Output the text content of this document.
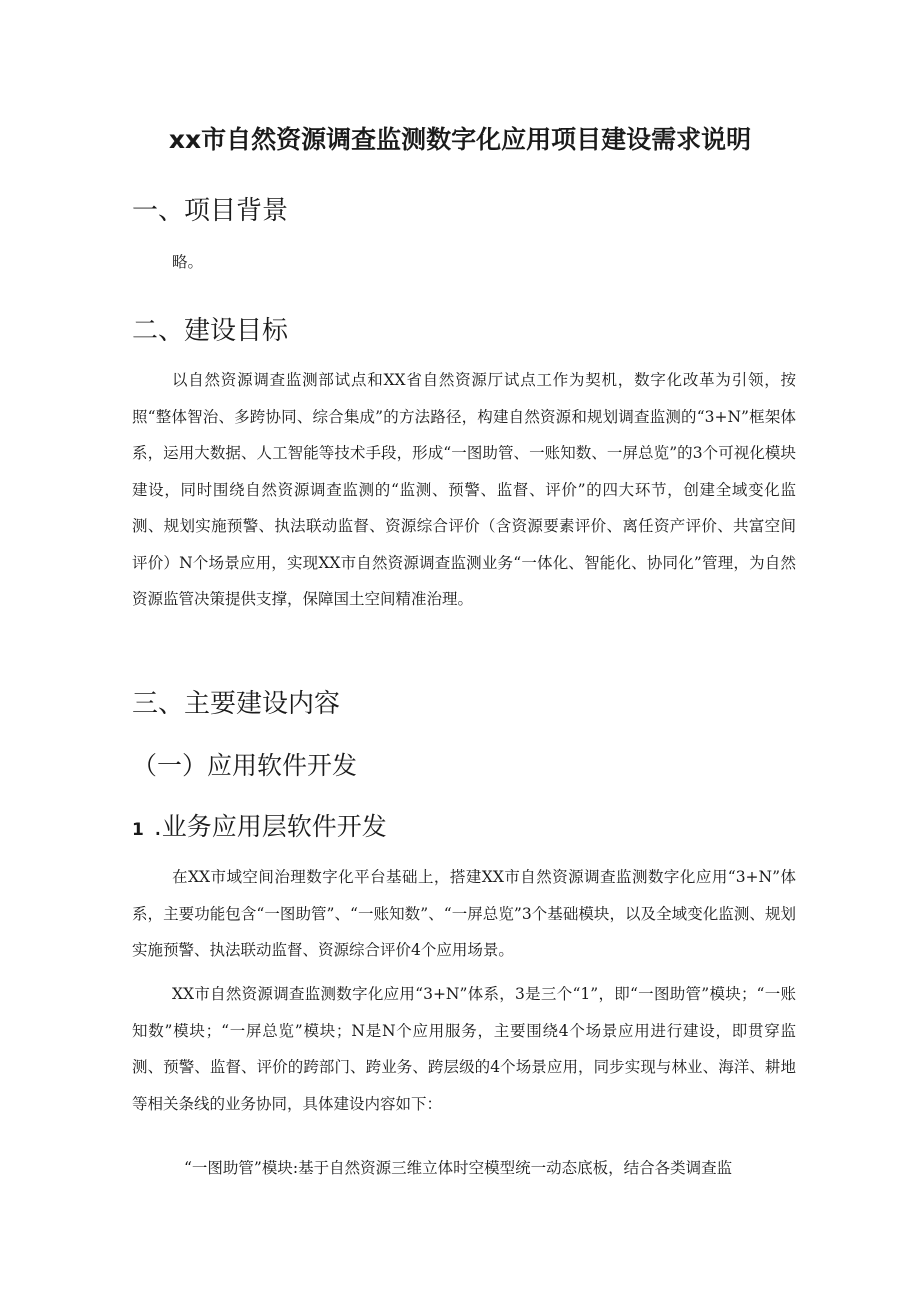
xx市自然资源调查监测数字化应用项目建设需求说明
一、项目背景
略。
二、建设目标
以自然资源调查监测部试点和XX省自然资源厅试点工作为契机，数字化改革为引领，按照“整体智治、多跨协同、综合集成”的方法路径，构建自然资源和规划调查监测的“3+N”框架体系，运用大数据、人工智能等技术手段，形成“一图助管、一账知数、一屏总览”的3个可视化模块建设，同时围绕自然资源调查监测的“监测、预警、监督、评价”的四大环节，创建全域变化监测、规划实施预警、执法联动监督、资源综合评价（含资源要素评价、离任资产评价、共富空间评价）N个场景应用，实现XX市自然资源调查监测业务“一体化、智能化、协同化”管理，为自然资源监管决策提供支撑，保障国土空间精准治理。
三、主要建设内容
（一）应用软件开发
1 .业务应用层软件开发
在XX市域空间治理数字化平台基础上，搭建XX市自然资源调查监测数字化应用“3+N”体系，主要功能包含“一图助管”、“一账知数”、“一屏总览”3个基础模块，以及全域变化监测、规划实施预警、执法联动监督、资源综合评价4个应用场景。
XX市自然资源调查监测数字化应用“3+N”体系，3是三个“1”，即“一图助管”模块；“一账知数”模块；“一屏总览”模块；N是N个应用服务，主要围绕4个场景应用进行建设，即贯穿监测、预警、监督、评价的跨部门、跨业务、跨层级的4个场景应用，同步实现与林业、海洋、耕地等相关条线的业务协同，具体建设内容如下：
“一图助管”模块:基于自然资源三维立体时空模型统一动态底板，结合各类调查监
